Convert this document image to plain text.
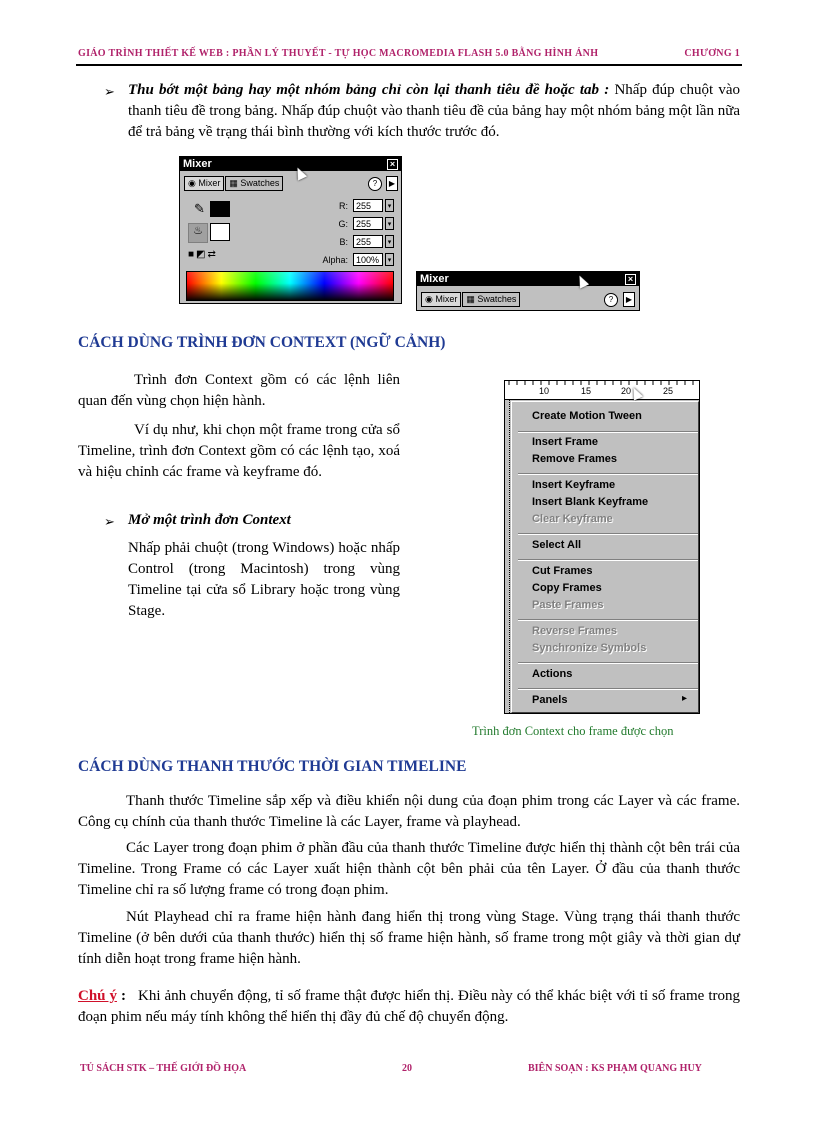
GIÁO TRÌNH THIẾT KẾ WEB : PHẦN LÝ THUYẾT - TỰ HỌC MACROMEDIA FLASH 5.0 BẰNG HÌNH ẢNH	CHƯƠNG 1
➢ Thu bớt một bảng hay một nhóm bảng chỉ còn lại thanh tiêu đề hoặc tab : Nhấp đúp chuột vào thanh tiêu đề trong bảng. Nhấp đúp chuột vào thanh tiêu đề của bảng hay một nhóm bảng một lần nữa để trả bảng về trạng thái bình thường với kích thước trước đó.
Mixer	×
◉ Mixer ▦ Swatches	?	▶
✎
♨
■◩⇄
R: 255	▾
G: 255	▾
B: 255	▾
Alpha: 100%	▾
Mixer	×
◉ Mixer ▦ Swatches	?	▶
CÁCH DÙNG TRÌNH ĐƠN CONTEXT (NGỮ CẢNH)
Trình đơn Context gồm có các lệnh liên quan đến vùng chọn hiện hành.
Ví dụ như, khi chọn một frame trong cửa sổ Timeline, trình đơn Context gồm có các lệnh tạo, xoá và hiệu chỉnh các frame và keyframe đó.
➢ Mở một trình đơn Context
Nhấp phải chuột (trong Windows) hoặc nhấp Control (trong Macintosh) trong vùng Timeline tại cửa sổ Library hoặc trong vùng Stage.
10	15	20	25
Create Motion Tween
Insert Frame
Remove Frames
Insert Keyframe
Insert Blank Keyframe
Clear Keyframe
Select All
Cut Frames
Copy Frames
Paste Frames
Reverse Frames
Synchronize Symbols
Actions
Panels	▸
Trình đơn Context cho frame được chọn
CÁCH DÙNG THANH THƯỚC THỜI GIAN TIMELINE
Thanh thước Timeline sắp xếp và điều khiển nội dung của đoạn phim trong các Layer và các frame. Công cụ chính của thanh thước Timeline là các Layer, frame và playhead.
Các Layer trong đoạn phim ở phần đầu của thanh thước Timeline được hiển thị thành cột bên trái của Timeline. Trong Frame có các Layer xuất hiện thành cột bên phải của tên Layer. Ở đầu của thanh thước Timeline chỉ ra số lượng frame có trong đoạn phim.
Nút Playhead chỉ ra frame hiện hành đang hiển thị trong vùng Stage. Vùng trạng thái thanh thước Timeline (ở bên dưới của thanh thước) hiển thị số frame hiện hành, số frame trong một giây và thời gian dự tính diễn hoạt trong frame hiện hành.
Chú ý : Khi ảnh chuyển động, tỉ số frame thật được hiển thị. Điều này có thể khác biệt với tỉ số frame trong đoạn phim nếu máy tính không thể hiển thị đầy đủ chế độ chuyển động.
TỦ SÁCH STK – THẾ GIỚI ĐỒ HỌA	20	BIÊN SOẠN : KS PHẠM QUANG HUY
